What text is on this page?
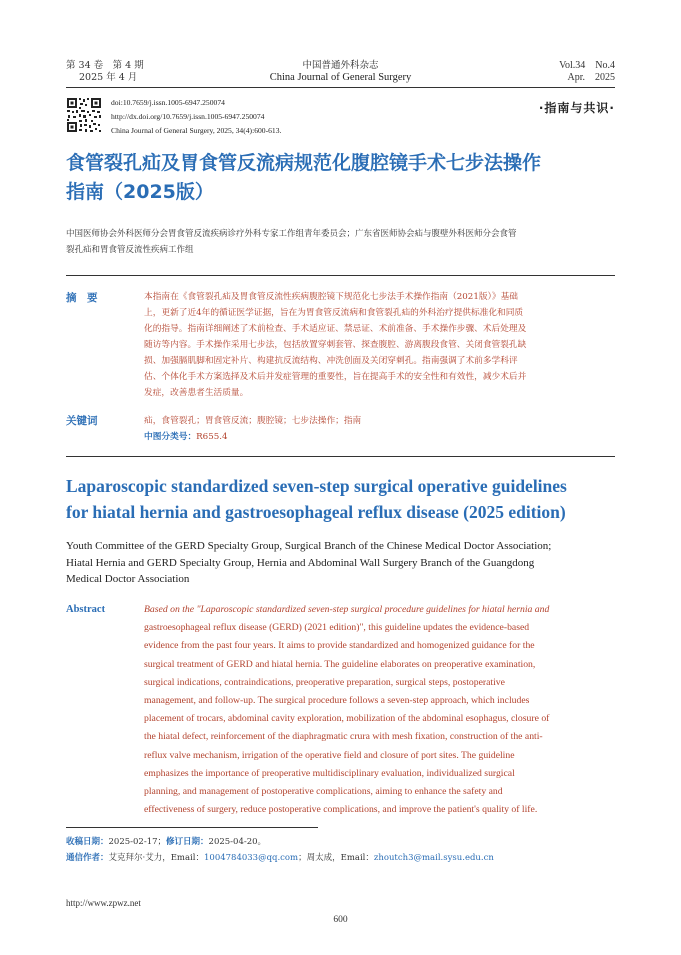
第 34 卷　第 4 期
2025 年 4 月
中国普通外科杂志
China Journal of General Surgery
Vol.34　No.4
Apr.　2025
doi:10.7659/j.issn.1005-6947.250074
http://dx.doi.org/10.7659/j.issn.1005-6947.250074
China Journal of General Surgery, 2025, 34(4):600-613.
·指南与共识·
食管裂孔疝及胃食管反流病规范化腹腔镜手术七步法操作
指南（2025版）
中国医师协会外科医师分会胃食管反流疾病诊疗外科专家工作组青年委员会；广东省医师协会疝与腹壁外科医师分会食管
裂孔疝和胃食管反流性疾病工作组
摘　要	本指南在《食管裂孔疝及胃食管反流性疾病腹腔镜下规范化七步法手术操作指南（2021版）》基础
上，更新了近4年的循证医学证据，旨在为胃食管反流病和食管裂孔疝的外科治疗提供标准化和同质
化的指导。指南详细阐述了术前检查、手术适应证、禁忌证、术前准备、手术操作步骤、术后处理及
随访等内容。手术操作采用七步法，包括放置穿刺套管、探查腹腔、游离腹段食管、关闭食管裂孔缺
损、加强膈肌脚和固定补片、构建抗反流结构、冲洗创面及关闭穿刺孔。指南强调了术前多学科评
估、个体化手术方案选择及术后并发症管理的重要性，旨在提高手术的安全性和有效性，减少术后并
发症，改善患者生活质量。
关键词	疝，食管裂孔；胃食管反流；腹腔镜；七步法操作；指南
中图分类号：R655.4
Laparoscopic standardized seven-step surgical operative guidelines
for hiatal hernia and gastroesophageal reflux disease (2025 edition)
Youth Committee of the GERD Specialty Group, Surgical Branch of the Chinese Medical Doctor Association;
Hiatal Hernia and GERD Specialty Group, Hernia and Abdominal Wall Surgery Branch of the Guangdong
Medical Doctor Association
Abstract	Based on the "Laparoscopic standardized seven-step surgical procedure guidelines for hiatal hernia and
gastroesophageal reflux disease (GERD) (2021 edition)", this guideline updates the evidence-based
evidence from the past four years. It aims to provide standardized and homogenized guidance for the
surgical treatment of GERD and hiatal hernia. The guideline elaborates on preoperative examination,
surgical indications, contraindications, preoperative preparation, surgical steps, postoperative
management, and follow-up. The surgical procedure follows a seven-step approach, which includes
placement of trocars, abdominal cavity exploration, mobilization of the abdominal esophagus, closure of
the hiatal defect, reinforcement of the diaphragmatic crura with mesh fixation, construction of the anti-
reflux valve mechanism, irrigation of the operative field and closure of port sites. The guideline
emphasizes the importance of preoperative multidisciplinary evaluation, individualized surgical
planning, and management of postoperative complications, aiming to enhance the safety and
effectiveness of surgery, reduce postoperative complications, and improve the patient's quality of life.
收稿日期：2025-02-17；修订日期：2025-04-20。
通信作者：艾克拜尔·艾力，Email：1004784033@qq.com；周太成，Email：zhoutch3@mail.sysu.edu.cn
http://www.zpwz.net
600
